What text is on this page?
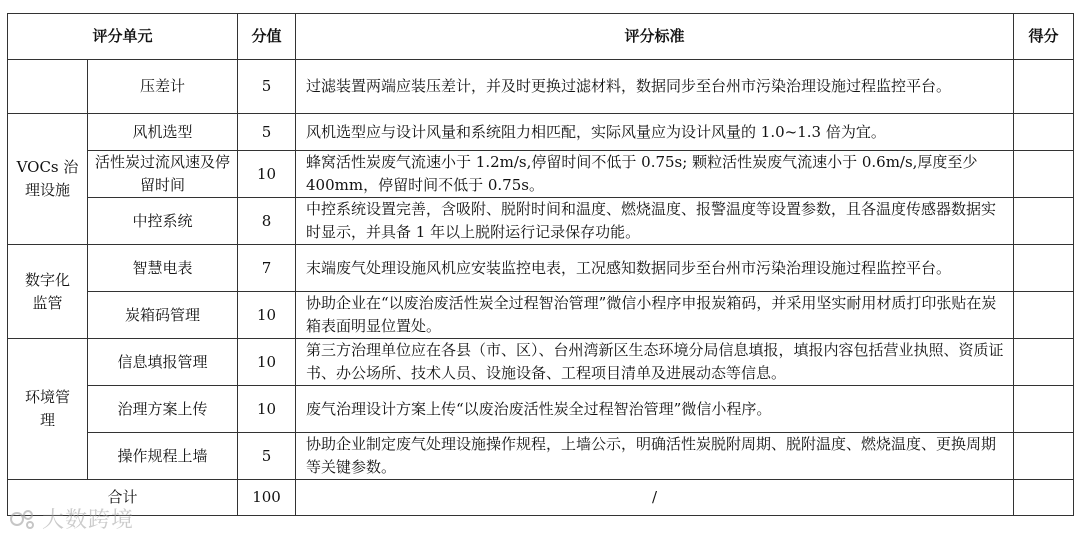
评分单元		分值	评分标准	得分
	压差计	5	过滤装置两端应装压差计，并及时更换过滤材料，数据同步至台州市污染治理设施过程监控平台。	
VOCs 治理设施	风机选型	5	风机选型应与设计风量和系统阻力相匹配，实际风量应为设计风量的 1.0~1.3 倍为宜。	
	活性炭过流风速及停留时间	10	蜂窝活性炭废气流速小于 1.2m/s,停留时间不低于 0.75s; 颗粒活性炭废气流速小于 0.6m/s,厚度至少 400mm，停留时间不低于 0.75s。	
	中控系统	8	中控系统设置完善，含吸附、脱附时间和温度、燃烧温度、报警温度等设置参数，且各温度传感器数据实时显示，并具备 1 年以上脱附运行记录保存功能。	
数字化 监管	智慧电表	7	末端废气处理设施风机应安装监控电表，工况感知数据同步至台州市污染治理设施过程监控平台。	
	炭箱码管理	10	协助企业在“以废治废活性炭全过程智治管理”微信小程序申报炭箱码，并采用坚实耐用材质打印张贴在炭箱表面明显位置处。	
环境管 理	信息填报管理	10	第三方治理单位应在各县（市、区）、台州湾新区生态环境分局信息填报，填报内容包括营业执照、资质证书、办公场所、技术人员、设施设备、工程项目清单及进展动态等信息。	
	治理方案上传	10	废气治理设计方案上传“以废治废活性炭全过程智治管理”微信小程序。	
	操作规程上墙	5	协助企业制定废气处理设施操作规程，上墙公示，明确活性炭脱附周期、脱附温度、燃烧温度、更换周期等关键参数。	
合计		100	/	
大数跨境
